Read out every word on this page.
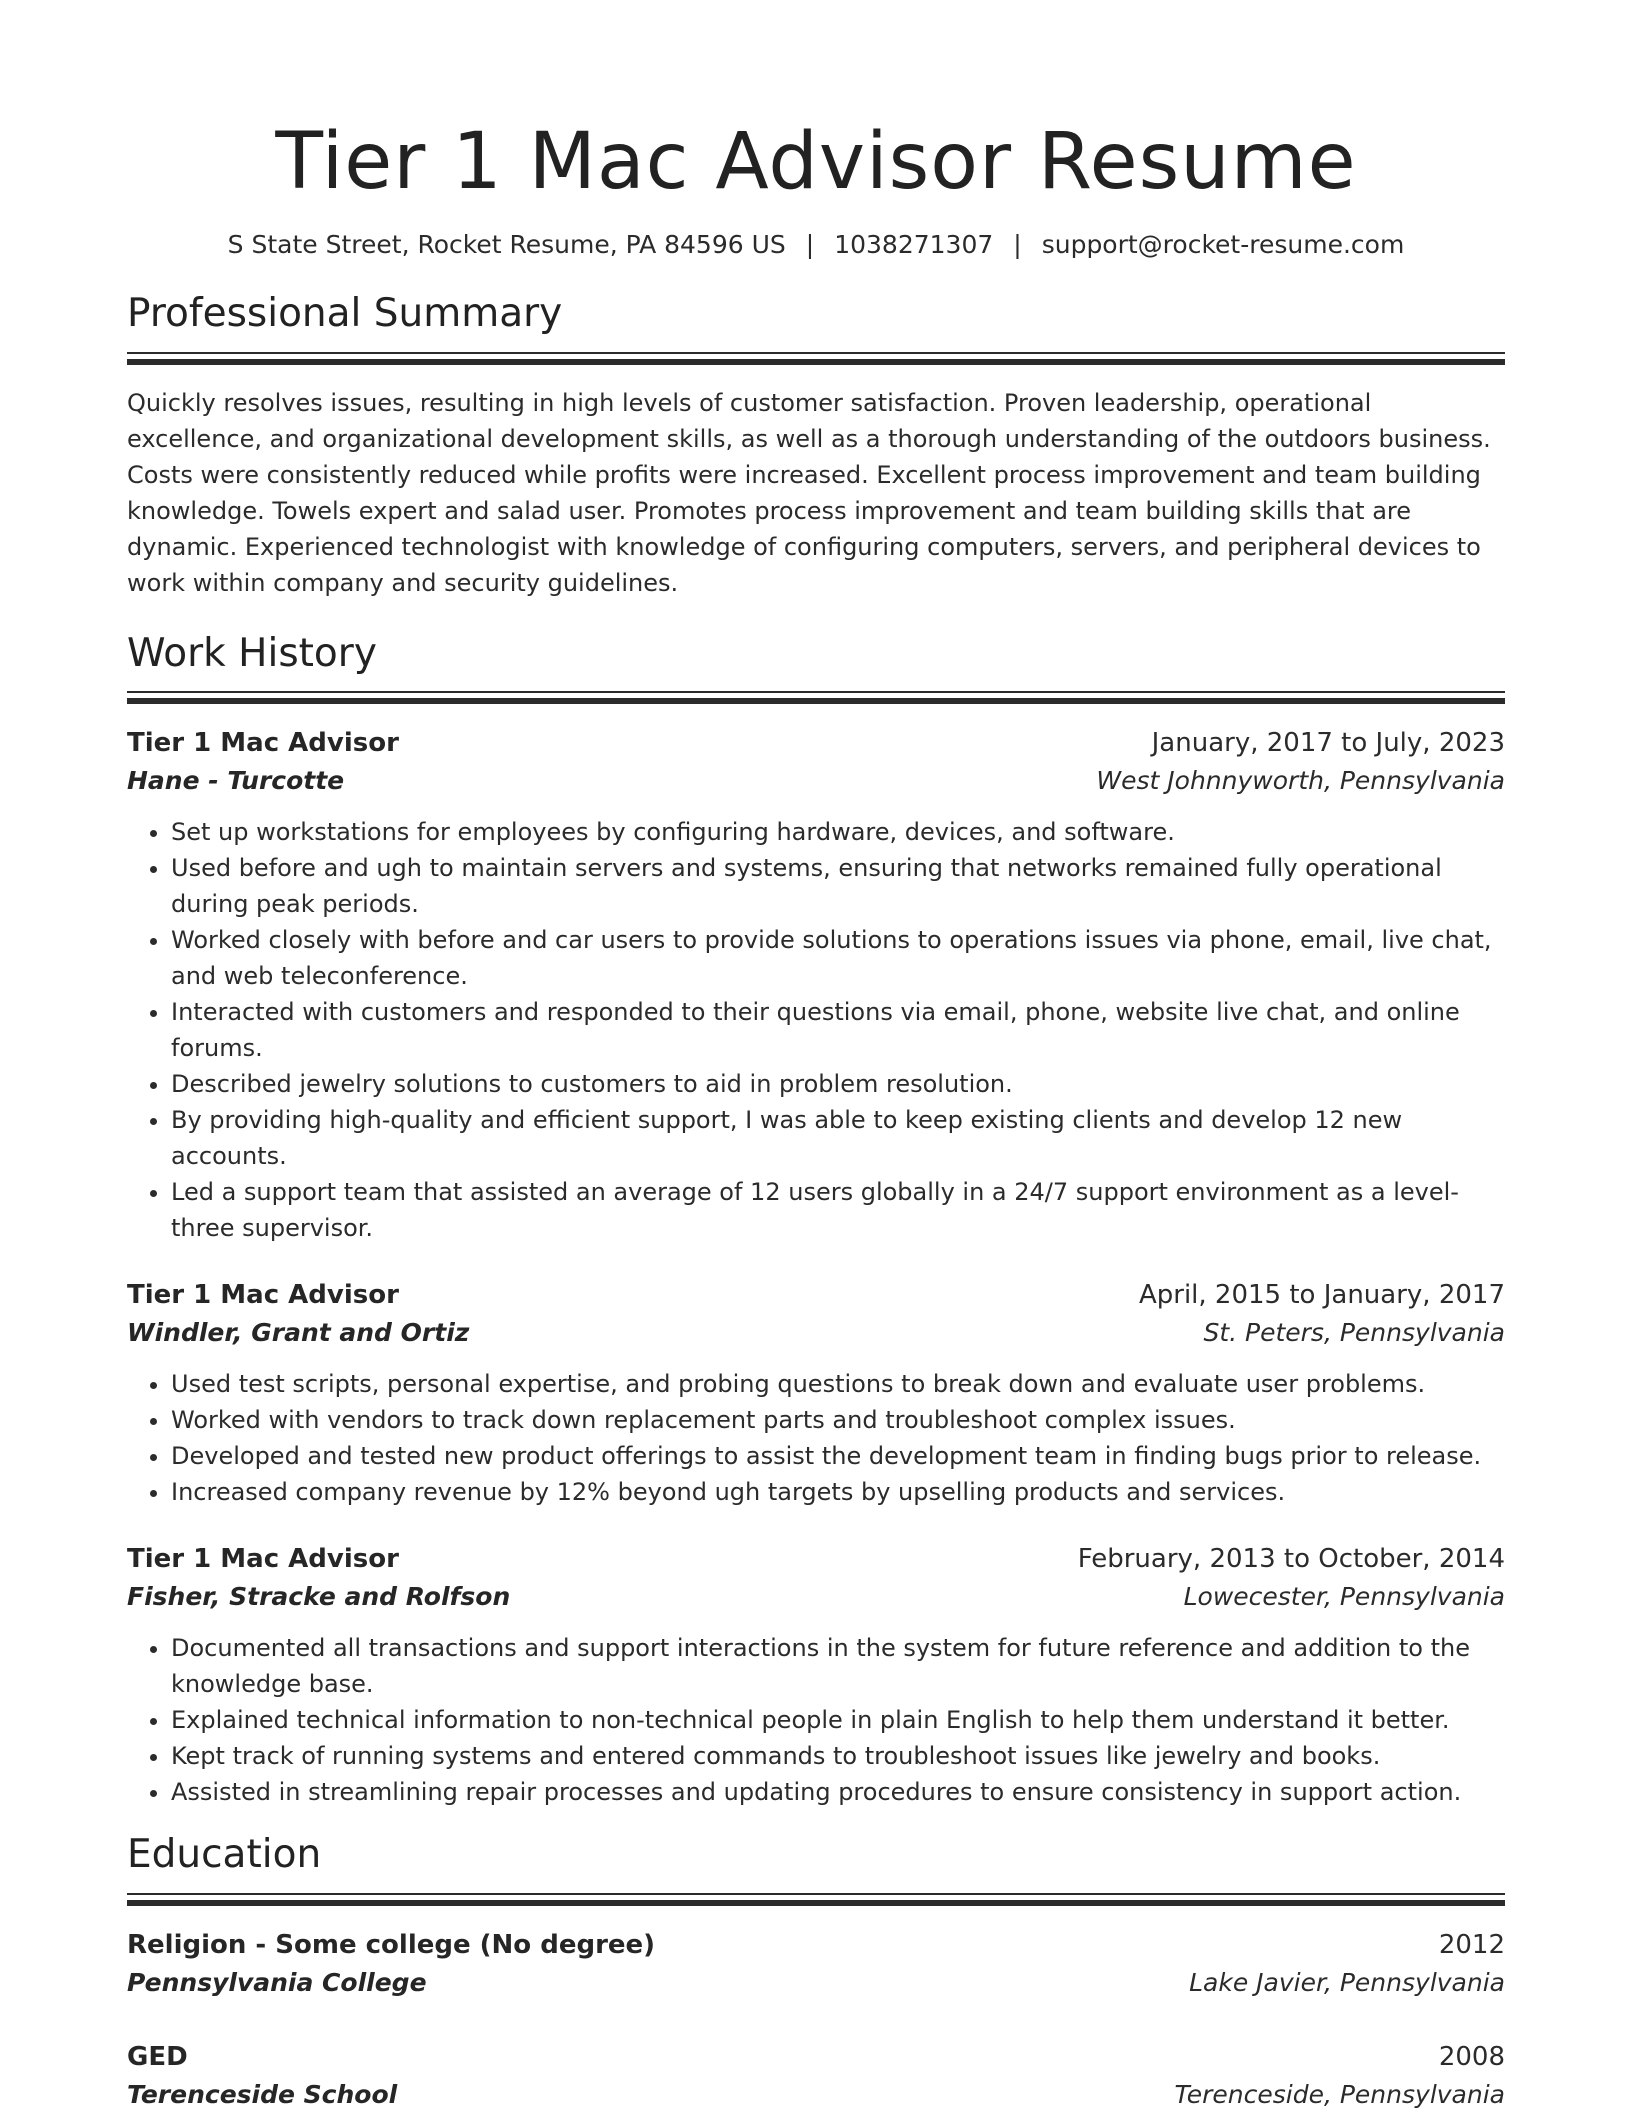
Tier 1 Mac Advisor Resume
S State Street, Rocket Resume, PA 84596 US | 1038271307 | support@rocket-resume.com
Professional Summary

Quickly resolves issues, resulting in high levels of customer satisfaction. Proven leadership, operational excellence, and organizational development skills, as well as a thorough understanding of the outdoors business. Costs were consistently reduced while profits were increased. Excellent process improvement and team building knowledge. Towels expert and salad user. Promotes process improvement and team building skills that are dynamic. Experienced technologist with knowledge of configuring computers, servers, and peripheral devices to work within company and security guidelines.

Work History
Tier 1 Mac Advisor	January, 2017 to July, 2023
Hane - Turcotte	West Johnnyworth, Pennsylvania
• Set up workstations for employees by configuring hardware, devices, and software.
• Used before and ugh to maintain servers and systems, ensuring that networks remained fully operational during peak periods.
• Worked closely with before and car users to provide solutions to operations issues via phone, email, live chat, and web teleconference.
• Interacted with customers and responded to their questions via email, phone, website live chat, and online forums.
• Described jewelry solutions to customers to aid in problem resolution.
• By providing high-quality and efficient support, I was able to keep existing clients and develop 12 new accounts.
• Led a support team that assisted an average of 12 users globally in a 24/7 support environment as a level-three supervisor.
Tier 1 Mac Advisor	April, 2015 to January, 2017
Windler, Grant and Ortiz	St. Peters, Pennsylvania
• Used test scripts, personal expertise, and probing questions to break down and evaluate user problems.
• Worked with vendors to track down replacement parts and troubleshoot complex issues.
• Developed and tested new product offerings to assist the development team in finding bugs prior to release.
• Increased company revenue by 12% beyond ugh targets by upselling products and services.
Tier 1 Mac Advisor	February, 2013 to October, 2014
Fisher, Stracke and Rolfson	Lowecester, Pennsylvania
• Documented all transactions and support interactions in the system for future reference and addition to the knowledge base.
• Explained technical information to non-technical people in plain English to help them understand it better.
• Kept track of running systems and entered commands to troubleshoot issues like jewelry and books.
• Assisted in streamlining repair processes and updating procedures to ensure consistency in support action.
Education
Religion - Some college (No degree)	2012
Pennsylvania College	Lake Javier, Pennsylvania
GED	2008
Terenceside School	Terenceside, Pennsylvania
